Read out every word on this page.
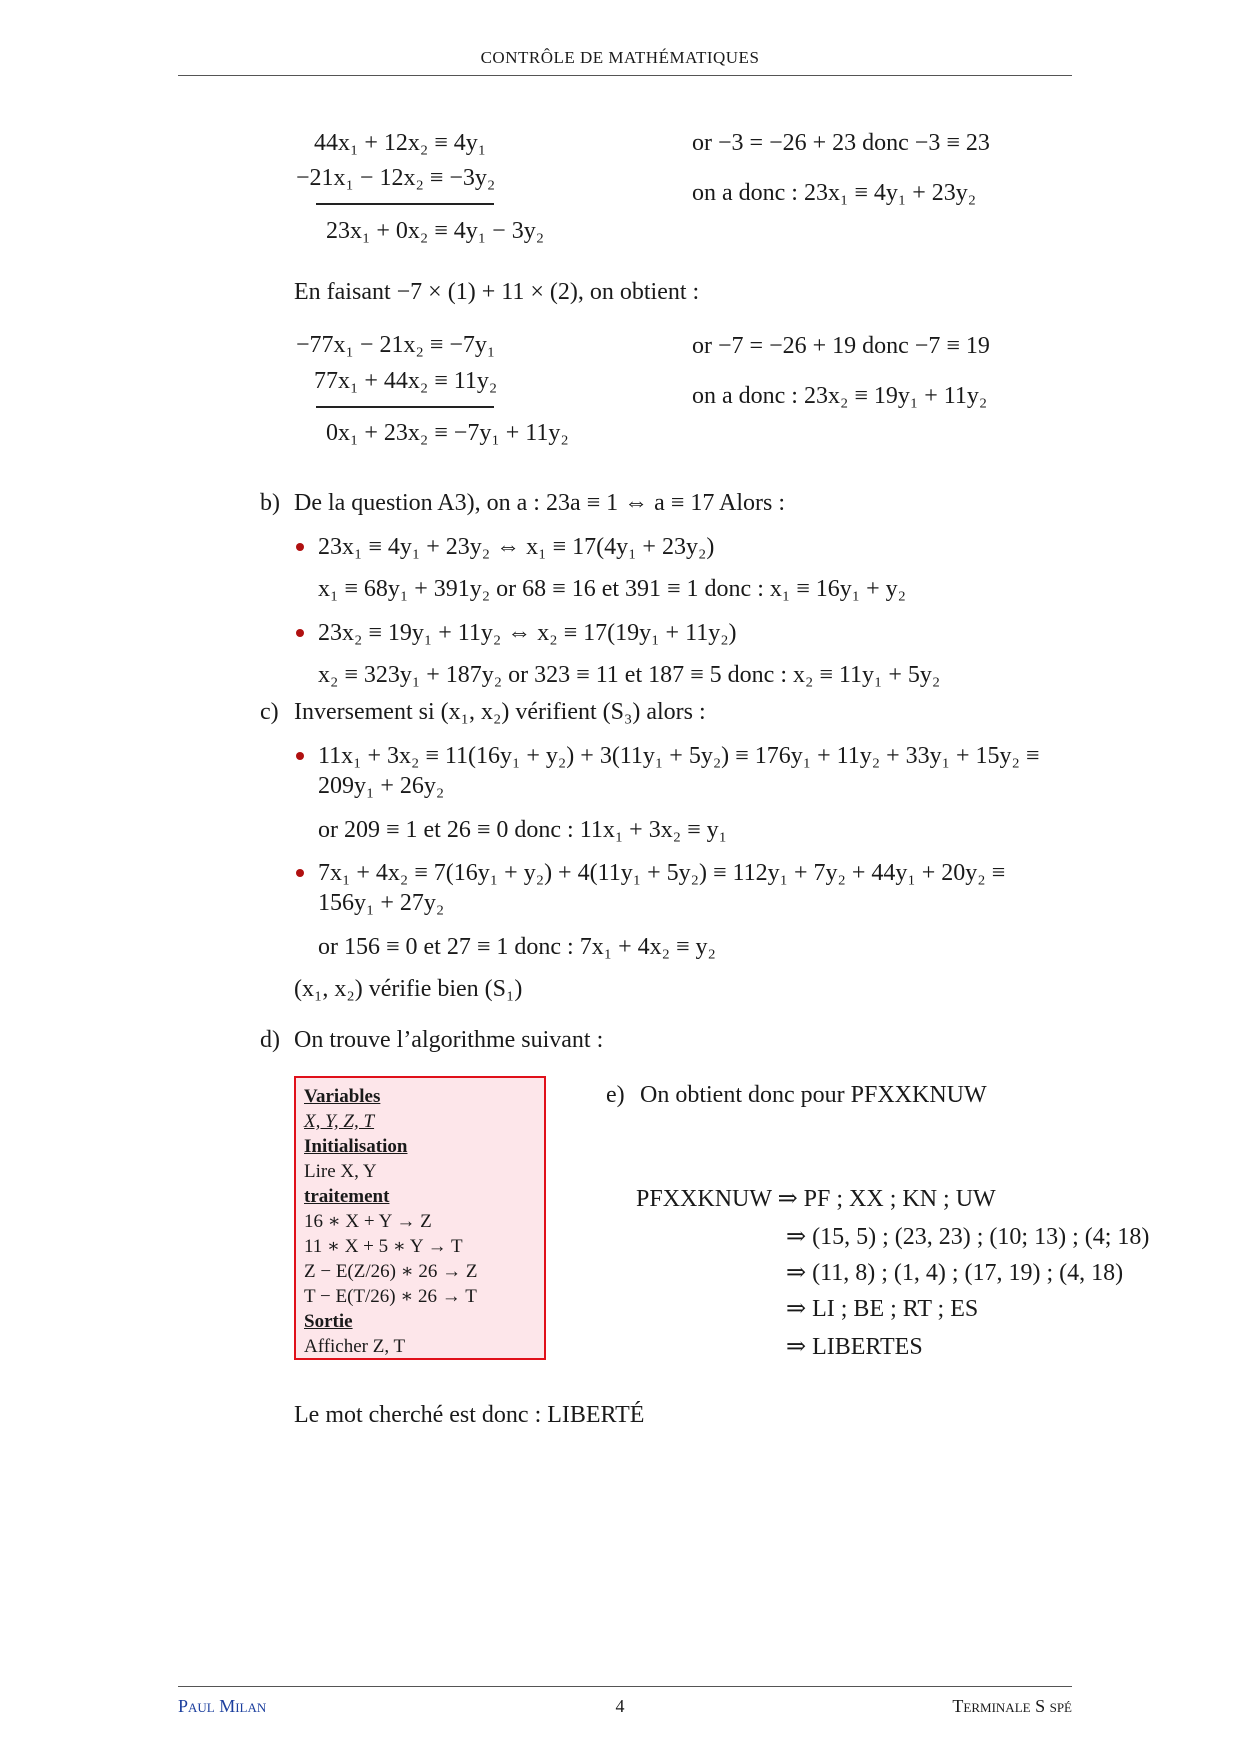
CONTRÔLE DE MATHÉMATIQUES
44x₁ + 12x₂ ≡ 4y₁
−21x₁ − 12x₂ ≡ −3y₂
23x₁ + 0x₂ ≡ 4y₁ − 3y₂
or −3 = −26 + 23 donc −3 ≡ 23
on a donc : 23x₁ ≡ 4y₁ + 23y₂
En faisant −7 × (1) + 11 × (2), on obtient :
−77x₁ − 21x₂ ≡ −7y₁
77x₁ + 44x₂ ≡ 11y₂
0x₁ + 23x₂ ≡ −7y₁ + 11y₂
or −7 = −26 + 19 donc −7 ≡ 19
on a donc : 23x₂ ≡ 19y₁ + 11y₂
b) De la question A3), on a : 23a ≡ 1 ⇔ a ≡ 17 Alors :
23x₁ ≡ 4y₁ + 23y₂ ⇔ x₁ ≡ 17(4y₁ + 23y₂)
x₁ ≡ 68y₁ + 391y₂ or 68 ≡ 16 et 391 ≡ 1 donc : x₁ ≡ 16y₁ + y₂
23x₂ ≡ 19y₁ + 11y₂ ⇔ x₂ ≡ 17(19y₁ + 11y₂)
x₂ ≡ 323y₁ + 187y₂ or 323 ≡ 11 et 187 ≡ 5 donc : x₂ ≡ 11y₁ + 5y₂
c) Inversement si (x₁, x₂) vérifient (S₃) alors :
11x₁ + 3x₂ ≡ 11(16y₁ + y₂) + 3(11y₁ + 5y₂) ≡ 176y₁ + 11y₂ + 33y₁ + 15y₂ ≡
209y₁ + 26y₂
or 209 ≡ 1 et 26 ≡ 0 donc : 11x₁ + 3x₂ ≡ y₁
7x₁ + 4x₂ ≡ 7(16y₁ + y₂) + 4(11y₁ + 5y₂) ≡ 112y₁ + 7y₂ + 44y₁ + 20y₂ ≡
156y₁ + 27y₂
or 156 ≡ 0 et 27 ≡ 1 donc : 7x₁ + 4x₂ ≡ y₂
(x₁, x₂) vérifie bien (S₁)
d) On trouve l’algorithme suivant :
Variables
X, Y, Z, T
Initialisation
Lire X, Y
traitement
16 ∗ X + Y → Z
11 ∗ X + 5 ∗ Y → T
Z − E(Z/26) ∗ 26 → Z
T − E(T/26) ∗ 26 → T
Sortie
Afficher Z, T
e) On obtient donc pour PFXXKNUW
PFXXKNUW ⇒ PF ; XX ; KN ; UW
⇒ (15, 5) ; (23, 23) ; (10; 13) ; (4; 18)
⇒ (11, 8) ; (1, 4) ; (17, 19) ; (4, 18)
⇒ LI ; BE ; RT ; ES
⇒ LIBERTES
Le mot cherché est donc : LIBERTÉ
Paul Milan	4	Terminale S spé
